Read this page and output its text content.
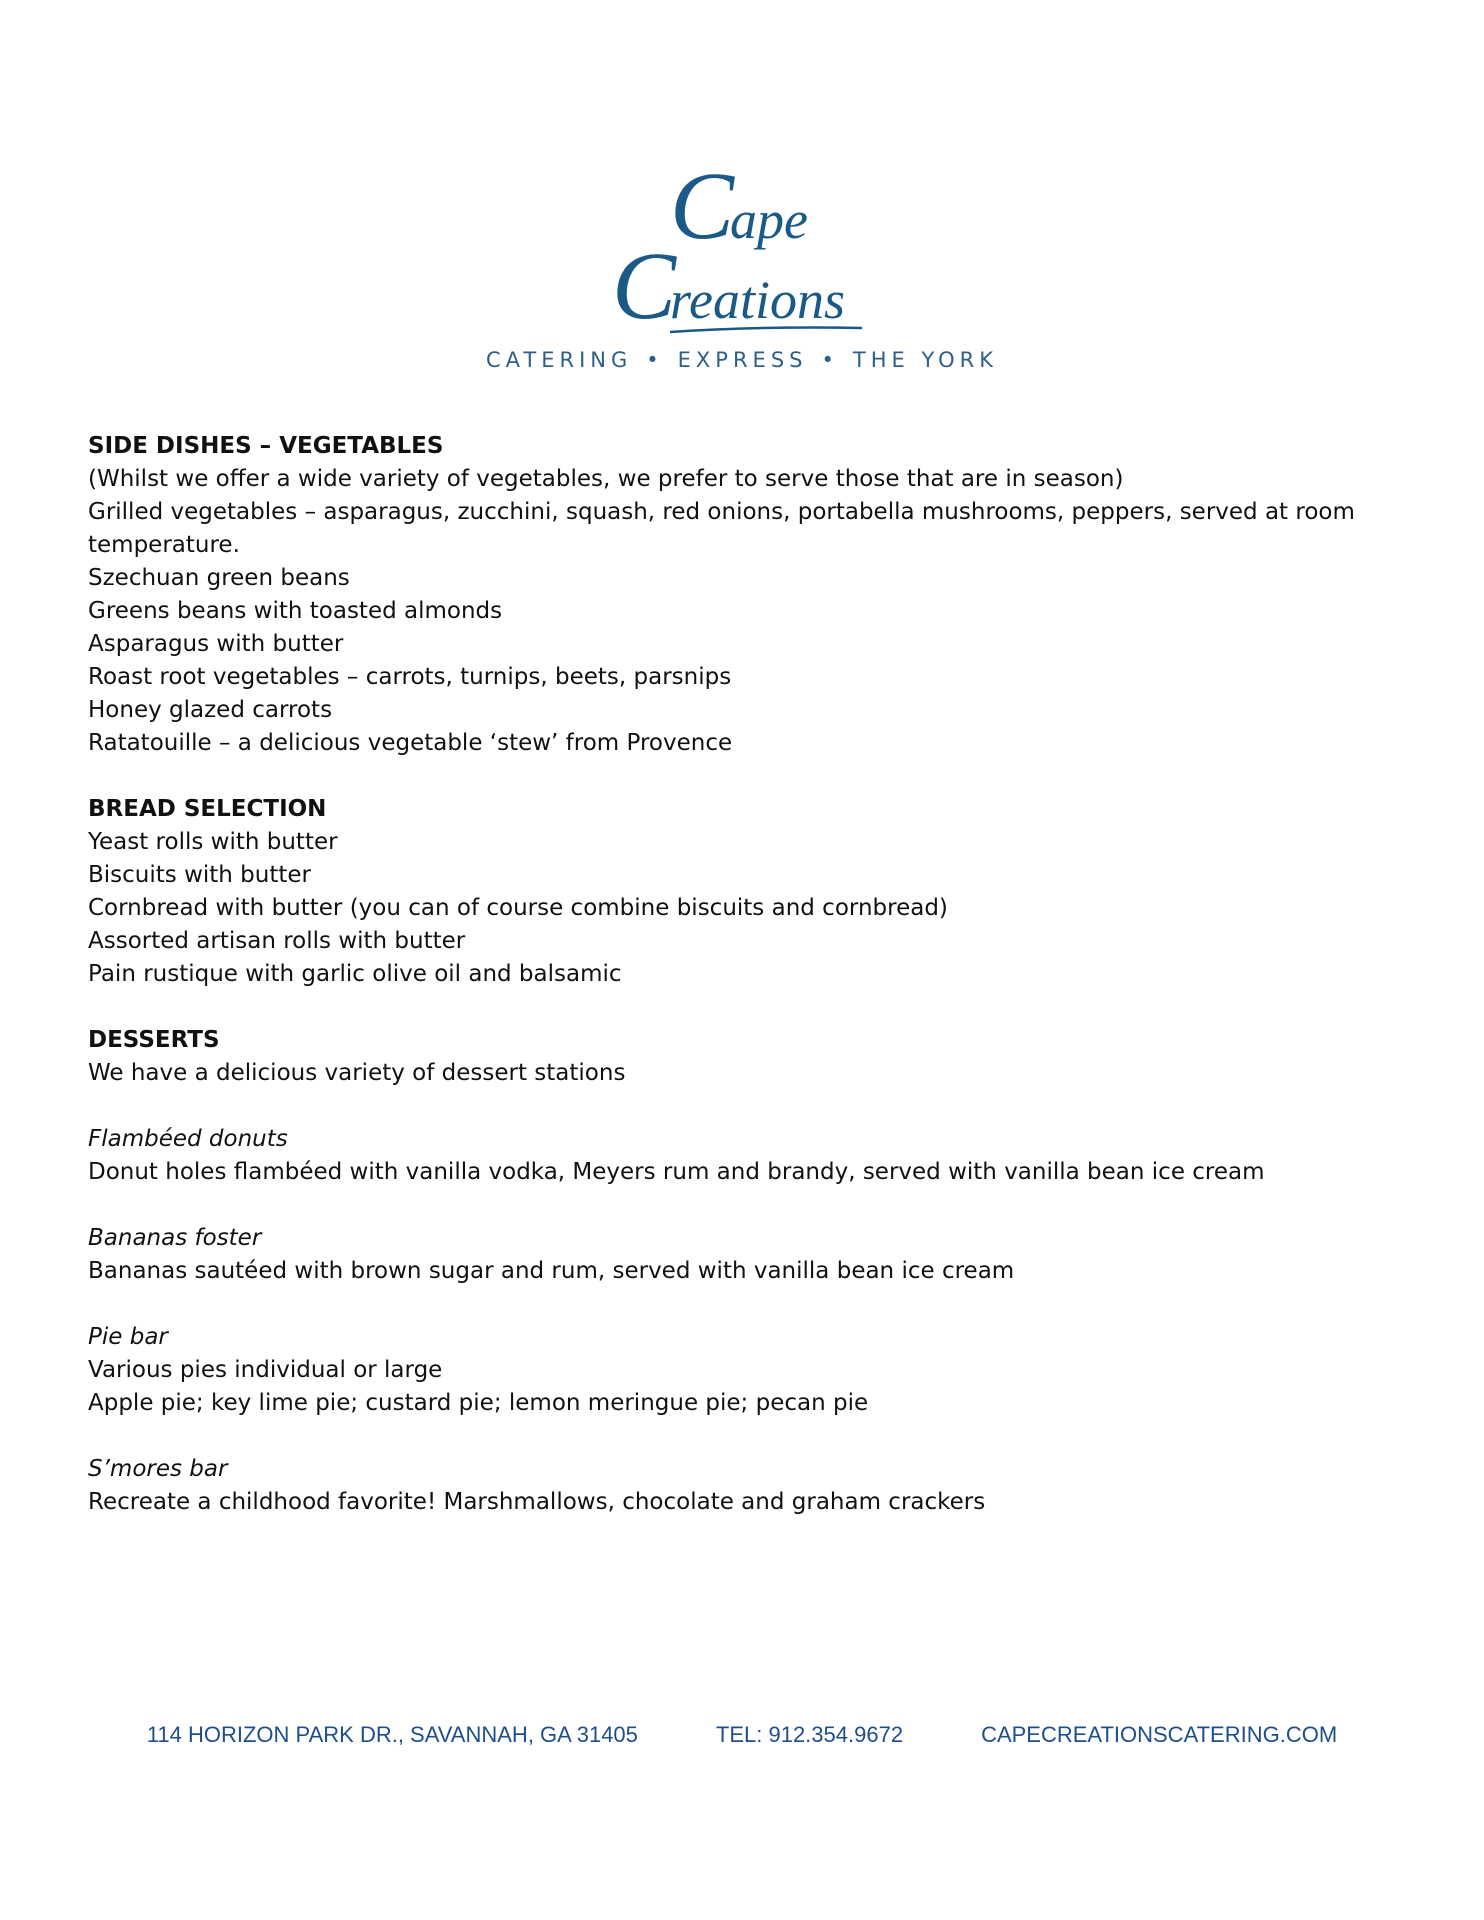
C
ape
C
reations
CATERING • EXPRESS • THE YORK

SIDE DISHES – VEGETABLES

(Whilst we offer a wide variety of vegetables, we prefer to serve those that are in season)

Grilled vegetables – asparagus, zucchini, squash, red onions, portabella mushrooms, peppers, served at room

temperature.

Szechuan green beans

Greens beans with toasted almonds

Asparagus with butter

Roast root vegetables – carrots, turnips, beets, parsnips

Honey glazed carrots

Ratatouille – a delicious vegetable ‘stew’ from Provence

BREAD SELECTION

Yeast rolls with butter

Biscuits with butter

Cornbread with butter (you can of course combine biscuits and cornbread)

Assorted artisan rolls with butter

Pain rustique with garlic olive oil and balsamic

DESSERTS

We have a delicious variety of dessert stations

Flambéed donuts

Donut holes flambéed with vanilla vodka, Meyers rum and brandy, served with vanilla bean ice cream

Bananas foster

Bananas sautéed with brown sugar and rum, served with vanilla bean ice cream

Pie bar

Various pies individual or large

Apple pie; key lime pie; custard pie; lemon meringue pie; pecan pie

S’mores bar

Recreate a childhood favorite! Marshmallows, chocolate and graham crackers

114 HORIZON PARK DR., SAVANNAH, GA 31405	TEL: 912.354.9672	CAPECREATIONSCATERING.COM
